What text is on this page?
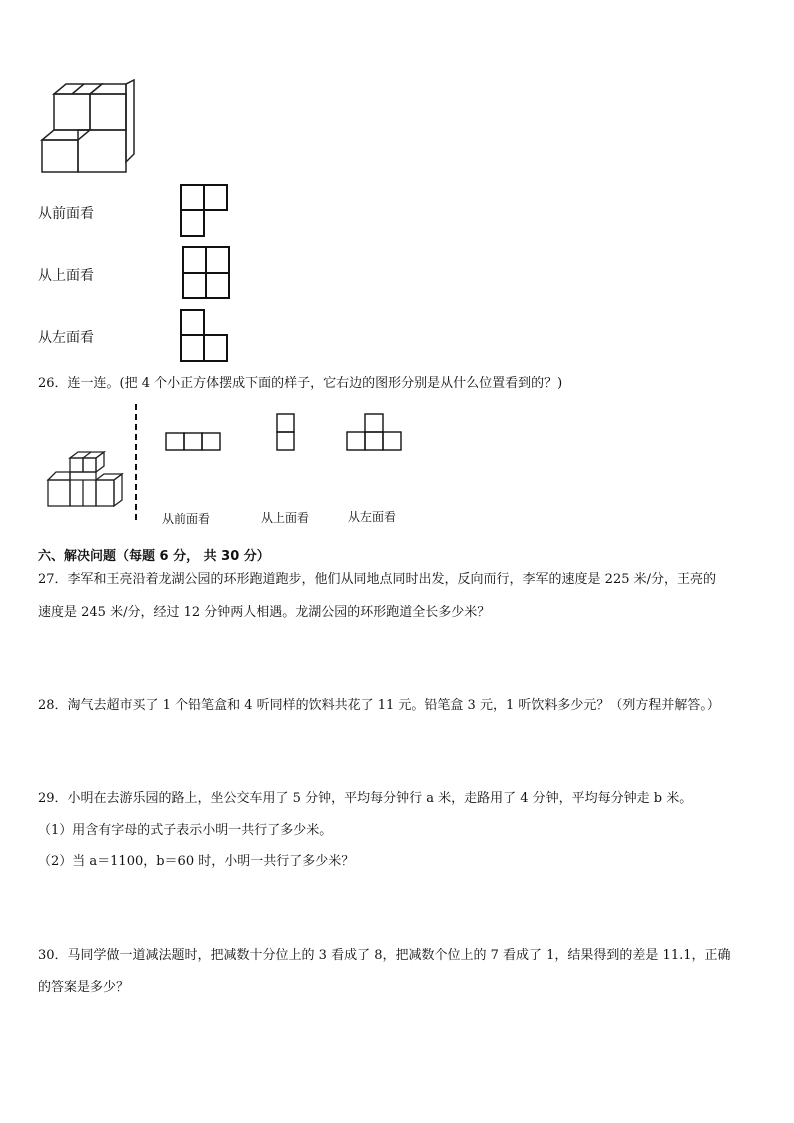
从前面看
从上面看
从左面看
26．连一连。(把 4 个小正方体摆成下面的样子，它右边的图形分别是从什么位置看到的？)
从前面看	从上面看	从左面看
六、解决问题（每题 6 分， 共 30 分）
27．李军和王亮沿着龙湖公园的环形跑道跑步，他们从同地点同时出发，反向而行，李军的速度是 225 米/分，王亮的
速度是 245 米/分，经过 12 分钟两人相遇。龙湖公园的环形跑道全长多少米？
28．淘气去超市买了 1 个铅笔盒和 4 听同样的饮料共花了 11 元。铅笔盒 3 元，1 听饮料多少元？（列方程并解答。）
29．小明在去游乐园的路上，坐公交车用了 5 分钟，平均每分钟行 a 米，走路用了 4 分钟，平均每分钟走 b 米。
（1）用含有字母的式子表示小明一共行了多少米。
（2）当 a＝1100，b＝60 时，小明一共行了多少米？
30．马同学做一道减法题时，把减数十分位上的 3 看成了 8，把减数个位上的 7 看成了 1，结果得到的差是 11.1，正确
的答案是多少？
